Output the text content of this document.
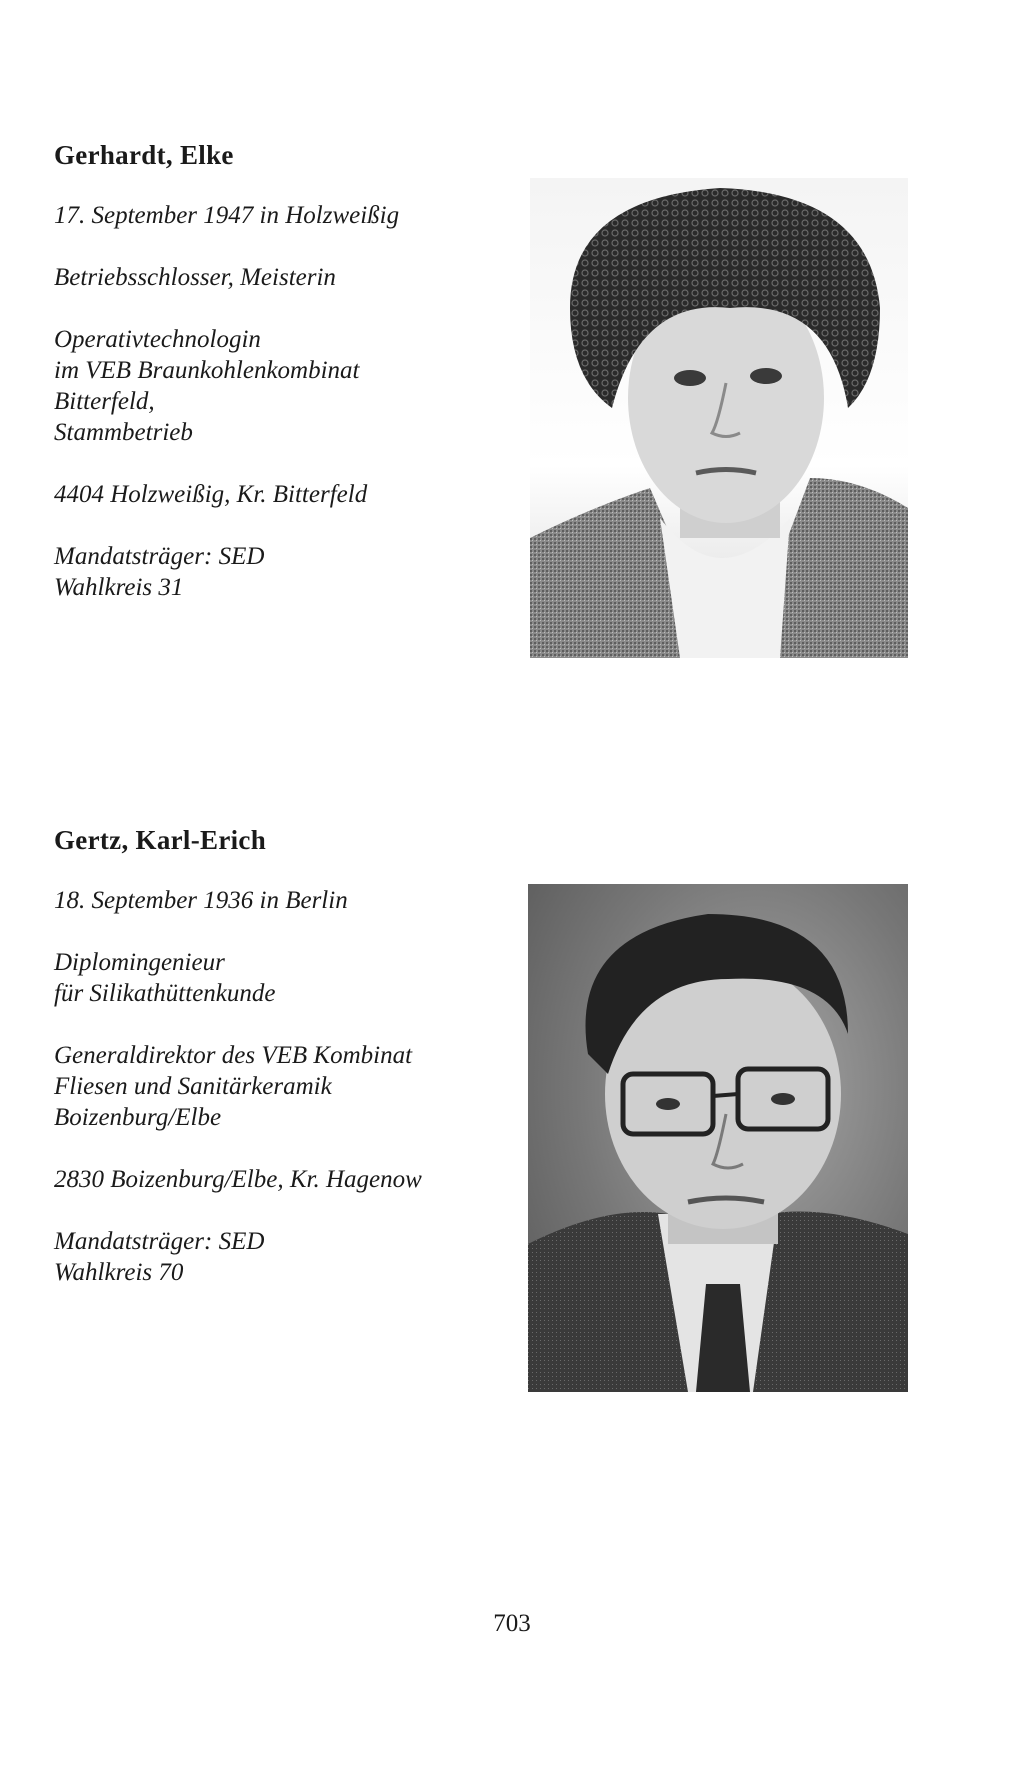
Gerhardt, Elke

17. September 1947 in Holzweißig

Betriebsschlosser, Meisterin

Operativtechnologin

im VEB Braunkohlenkombinat

Bitterfeld,

Stammbetrieb

4404 Holzweißig, Kr. Bitterfeld

Mandatsträger: SED

Wahlkreis 31

Gertz, Karl-Erich

18. September 1936 in Berlin

Diplomingenieur

für Silikathüttenkunde

Generaldirektor des VEB Kombinat

Fliesen und Sanitärkeramik

Boizenburg/Elbe

2830 Boizenburg/Elbe, Kr. Hagenow

Mandatsträger: SED

Wahlkreis 70

703
